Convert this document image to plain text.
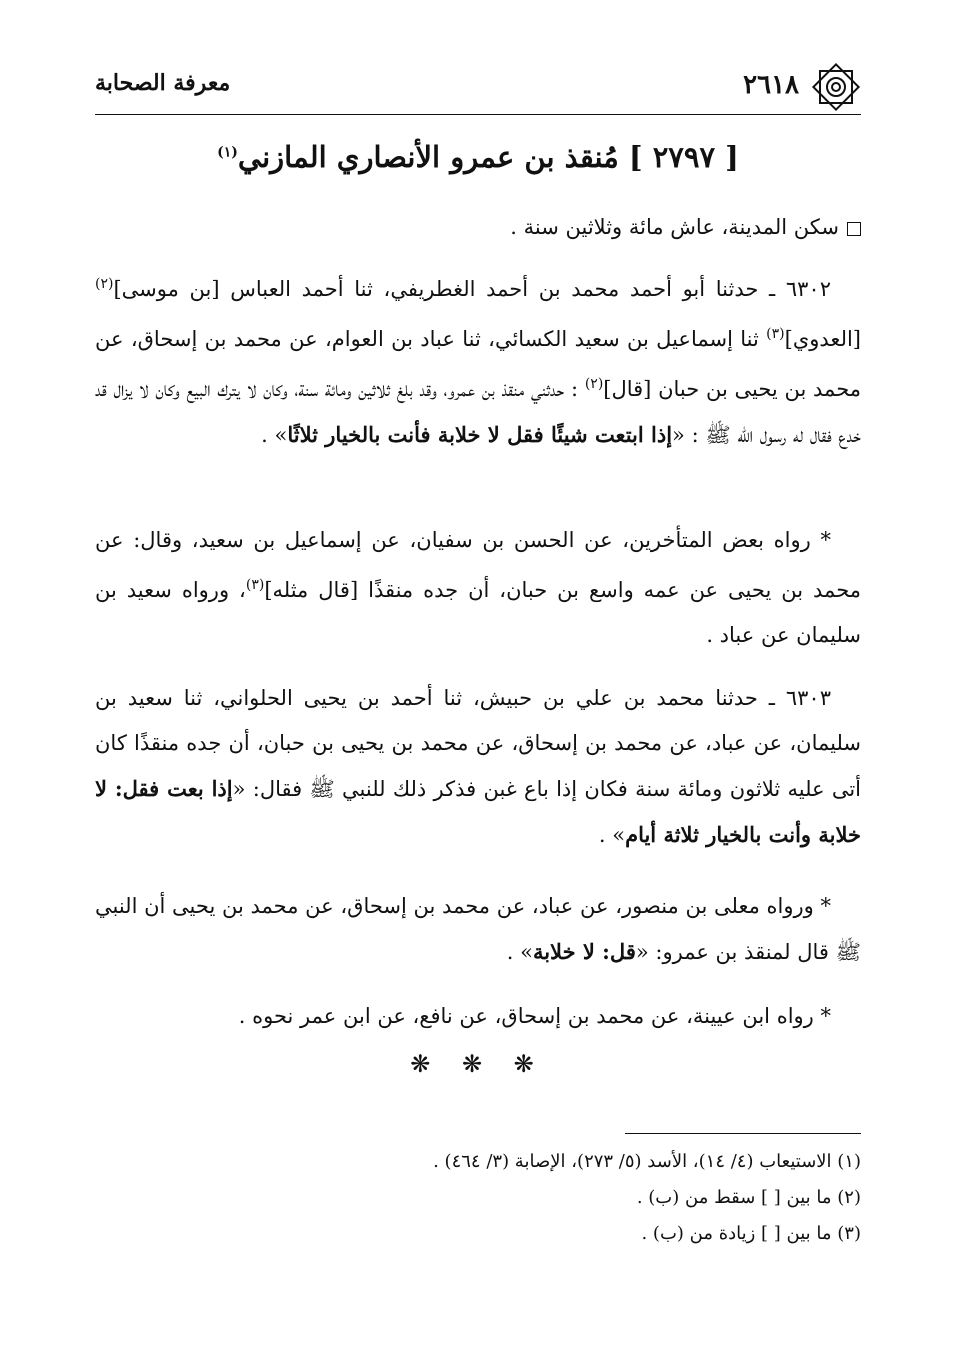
٢٦١٨
معرفة الصحابة
[ ٢٧٩٧ ] مُنقذ بن عمرو الأنصاري المازني$^{(١)}$
سكن المدينة، عاش مائة وثلاثين سنة .
٦٣٠٢ ـ حدثنا أبو أحمد محمد بن أحمد الغطريفي، ثنا أحمد العباس [بن موسى]$^{(٢)}$ [العدوي]$^{(٣)}$ ثنا إسماعيل بن سعيد الكسائي، ثنا عباد بن العوام، عن محمد بن إسحاق، عن محمد بن يحيى بن حبان [قال]$^{(٢)}$ : حدثني منقذ بن عمرو، وقد بلغ ثلاثين ومائة سنة، وكان لا يترك البيع وكان لا يزال قد خدع فقال له رسول الله ﷺ : «إذا ابتعت شيئًا فقل لا خلابة فأنت بالخيار ثلاثًا» .
* رواه بعض المتأخرين، عن الحسن بن سفيان، عن إسماعيل بن سعيد، وقال: عن محمد بن يحيى عن عمه واسع بن حبان، أن جده منقذًا [قال مثله]$^{(٣)}$، ورواه سعيد بن سليمان عن عباد .
٦٣٠٣ ـ حدثنا محمد بن علي بن حبيش، ثنا أحمد بن يحيى الحلواني، ثنا سعيد بن سليمان، عن عباد، عن محمد بن إسحاق، عن محمد بن يحيى بن حبان، أن جده منقذًا كان أتى عليه ثلاثون ومائة سنة فكان إذا باع غبن فذكر ذلك للنبي ﷺ فقال: «إذا بعت فقل: لا خلابة وأنت بالخيار ثلاثة أيام» .
* ورواه معلى بن منصور، عن عباد، عن محمد بن إسحاق، عن محمد بن يحيى أن النبي ﷺ قال لمنقذ بن عمرو: «قل: لا خلابة» .
* رواه ابن عيينة، عن محمد بن إسحاق، عن نافع، عن ابن عمر نحوه .
❋ ❋ ❋
(١) الاستيعاب (٤/ ١٤)، الأسد (٥/ ٢٧٣)، الإصابة (٣/ ٤٦٤) .
(٢) ما بين [ ] سقط من (ب) .
(٣) ما بين [ ] زيادة من (ب) .
